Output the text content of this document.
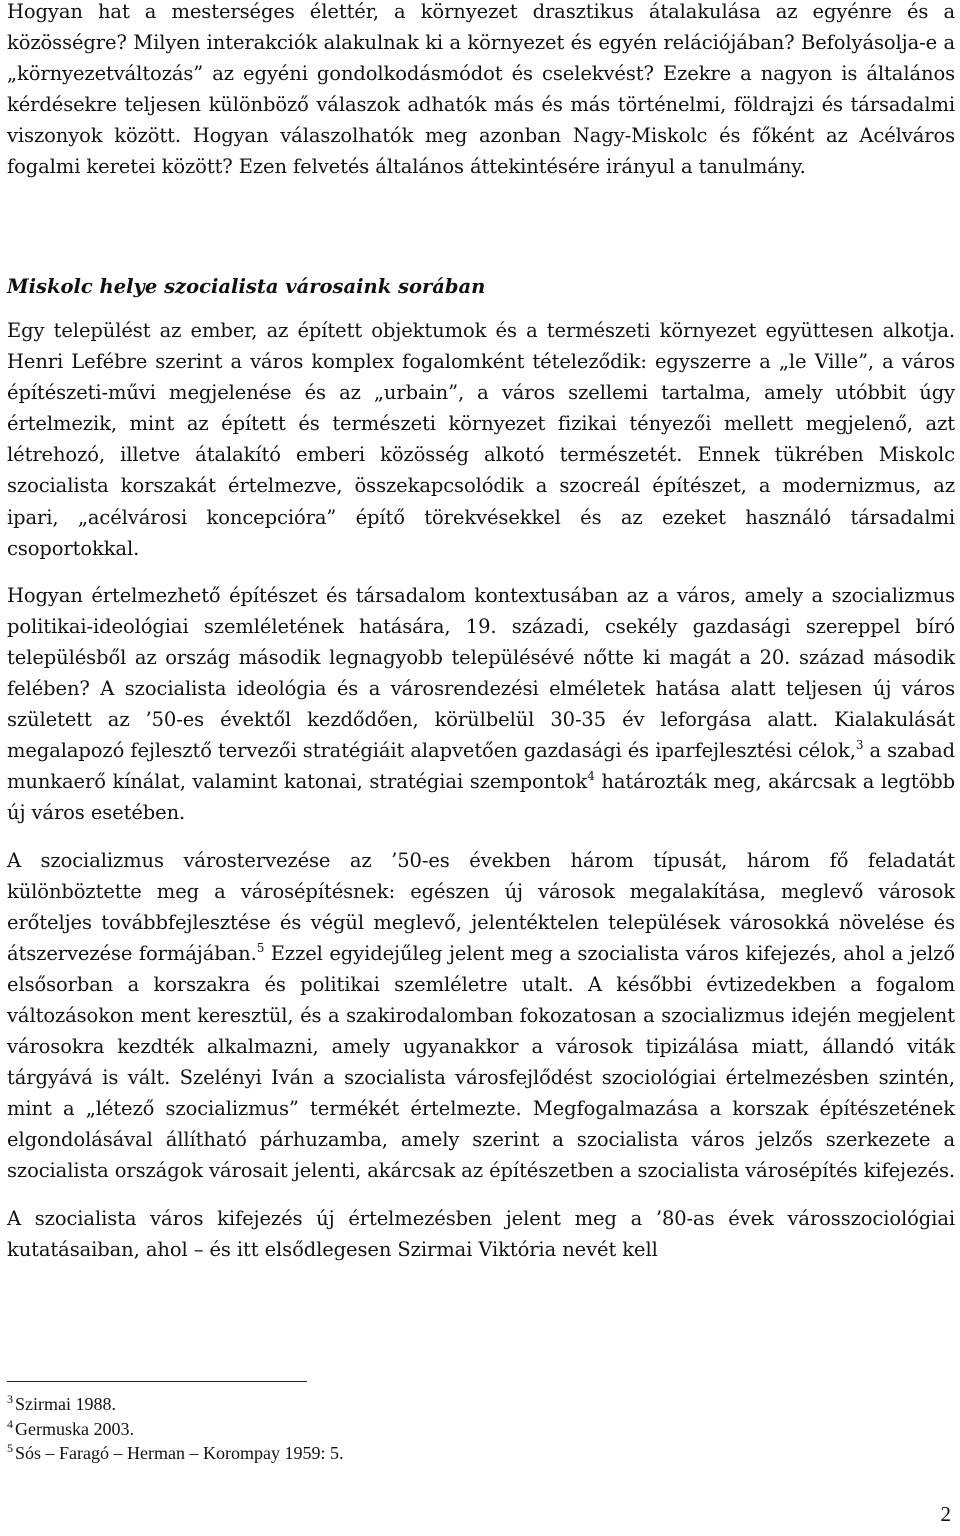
Hogyan hat a mesterséges élettér, a környezet drasztikus átalakulása az egyénre és a közösségre? Milyen interakciók alakulnak ki a környezet és egyén relációjában? Befolyásolja-e a „környezetváltozás” az egyéni gondolkodásmódot és cselekvést? Ezekre a nagyon is általános kérdésekre teljesen különböző válaszok adhatók más és más történelmi, földrajzi és társadalmi viszonyok között. Hogyan válaszolhatók meg azonban Nagy-Miskolc és főként az Acélváros fogalmi keretei között? Ezen felvetés általános áttekintésére irányul a tanulmány.

Miskolc helye szocialista városaink sorában

Egy települést az ember, az épített objektumok és a természeti környezet együttesen alkotja. Henri Lefébre szerint a város komplex fogalomként tételeződik: egyszerre a „le Ville”, a város építészeti-művi megjelenése és az „urbain”, a város szellemi tartalma, amely utóbbit úgy értelmezik, mint az épített és természeti környezet fizikai tényezői mellett megjelenő, azt létrehozó, illetve átalakító emberi közösség alkotó természetét. Ennek tükrében Miskolc szocialista korszakát értelmezve, összekapcsolódik a szocreál építészet, a modernizmus, az ipari, „acélvárosi koncepcióra” építő törekvésekkel és az ezeket használó társadalmi csoportokkal.

Hogyan értelmezhető építészet és társadalom kontextusában az a város, amely a szocializmus politikai-ideológiai szemléletének hatására, 19. századi, csekély gazdasági szereppel bíró településből az ország második legnagyobb településévé nőtte ki magát a 20. század második felében? A szocialista ideológia és a városrendezési elméletek hatása alatt teljesen új város született az ’50-es évektől kezdődően, körülbelül 30-35 év leforgása alatt. Kialakulását megalapozó fejlesztő tervezői stratégiáit alapvetően gazdasági és iparfejlesztési célok,$^3$ a szabad munkaerő kínálat, valamint katonai, stratégiai szempontok$^4$ határozták meg, akárcsak a legtöbb új város esetében.

A szocializmus várostervezése az ’50-es években három típusát, három fő feladatát különböztette meg a városépítésnek: egészen új városok megalakítása, meglevő városok erőteljes továbbfejlesztése és végül meglevő, jelentéktelen települések városokká növelése és átszervezése formájában.$^5$ Ezzel egyidejűleg jelent meg a szocialista város kifejezés, ahol a jelző elsősorban a korszakra és politikai szemléletre utalt. A későbbi évtizedekben a fogalom változásokon ment keresztül, és a szakirodalomban fokozatosan a szocializmus idején megjelent városokra kezdték alkalmazni, amely ugyanakkor a városok tipizálása miatt, állandó viták tárgyává is vált. Szelényi Iván a szocialista városfejlődést szociológiai értelmezésben szintén, mint a „létező szocializmus” termékét értelmezte. Megfogalmazása a korszak építészetének elgondolásával állítható párhuzamba, amely szerint a szocialista város jelzős szerkezete a szocialista országok városait jelenti, akárcsak az építészetben a szocialista városépítés kifejezés.

A szocialista város kifejezés új értelmezésben jelent meg a ’80-as évek városszociológiai kutatásaiban, ahol – és itt elsődlegesen Szirmai Viktória nevét kell

$^3$ Szirmai 1988.
$^4$ Germuska 2003.
$^5$ Sós – Faragó – Herman – Korompay 1959: 5.
2
